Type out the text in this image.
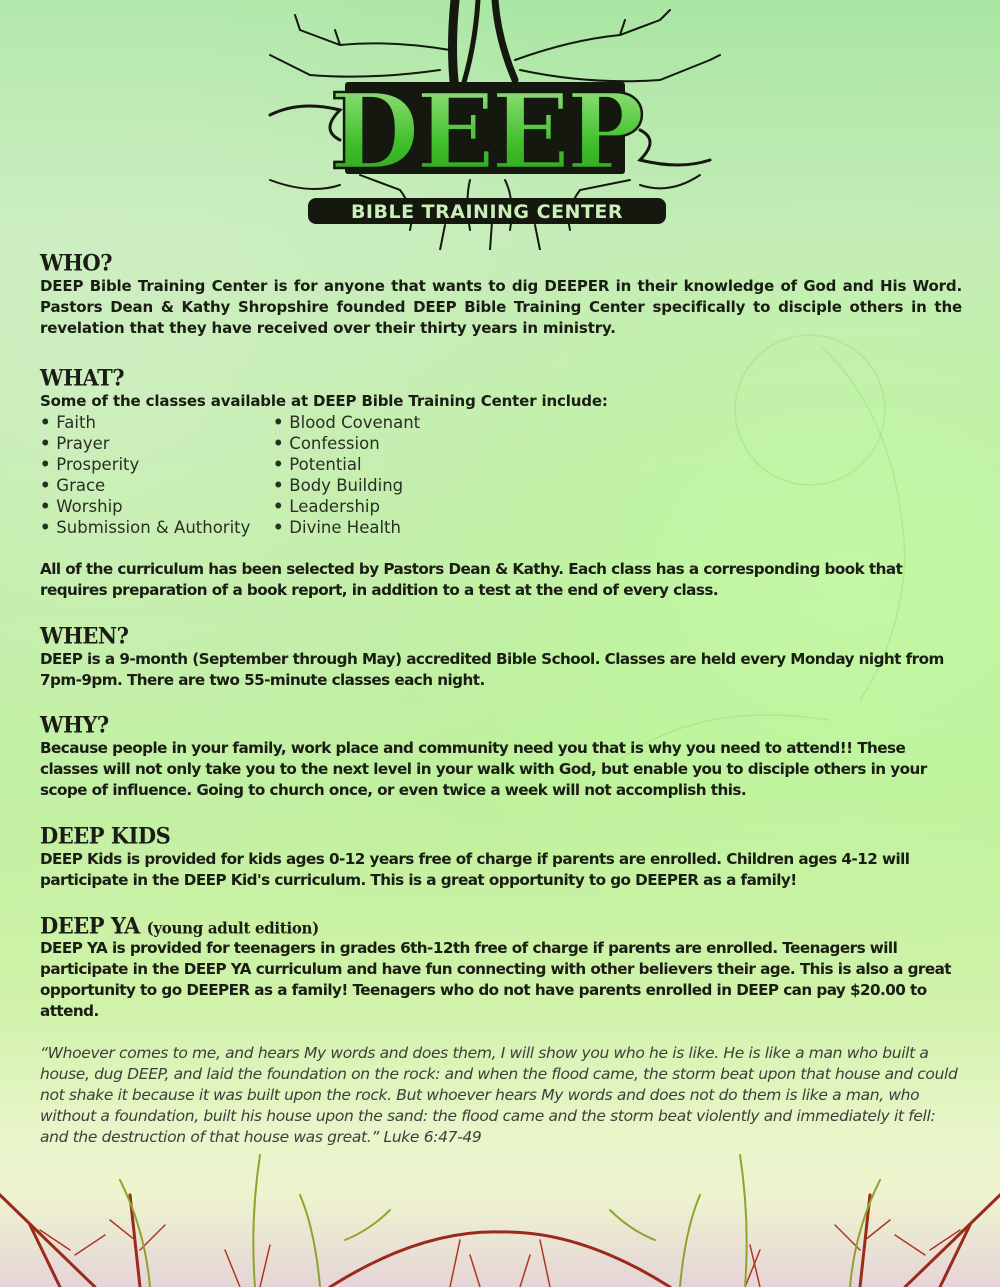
DEEP
BIBLE TRAINING CENTER
WHO?
DEEP Bible Training Center is for anyone that wants to dig DEEPER in their knowledge of God and His Word. Pastors Dean & Kathy Shropshire founded DEEP Bible Training Center specifically to disciple others in the revelation that they have received over their thirty years in ministry.
WHAT?
Some of the classes available at DEEP Bible Training Center include:
• Faith
• Prayer
• Prosperity
• Grace
• Worship
• Submission & Authority
• Blood Covenant
• Confession
• Potential
• Body Building
• Leadership
• Divine Health
All of the curriculum has been selected by Pastors Dean & Kathy. Each class has a corresponding book that requires preparation of a book report, in addition to a test at the end of every class.
WHEN?
DEEP is a 9-month (September through May) accredited Bible School. Classes are held every Monday night from 7pm-9pm. There are two 55-minute classes each night.
WHY?
Because people in your family, work place and community need you that is why you need to attend!! These classes will not only take you to the next level in your walk with God, but enable you to disciple others in your scope of influence. Going to church once, or even twice a week will not accomplish this.
DEEP KIDS
DEEP Kids is provided for kids ages 0-12 years free of charge if parents are enrolled. Children ages 4-12 will participate in the DEEP Kid's curriculum. This is a great opportunity to go DEEPER as a family!
DEEP YA (young adult edition)
DEEP YA is provided for teenagers in grades 6th-12th free of charge if parents are enrolled. Teenagers will participate in the DEEP YA curriculum and have fun connecting with other believers their age. This is also a great opportunity to go DEEPER as a family! Teenagers who do not have parents enrolled in DEEP can pay $20.00 to attend.
“Whoever comes to me, and hears My words and does them, I will show you who he is like. He is like a man who built a house, dug DEEP, and laid the foundation on the rock: and when the flood came, the storm beat upon that house and could not shake it because it was built upon the rock. But whoever hears My words and does not do them is like a man, who without a foundation, built his house upon the sand: the flood came and the storm beat violently and immediately it fell: and the destruction of that house was great.” Luke 6:47-49
